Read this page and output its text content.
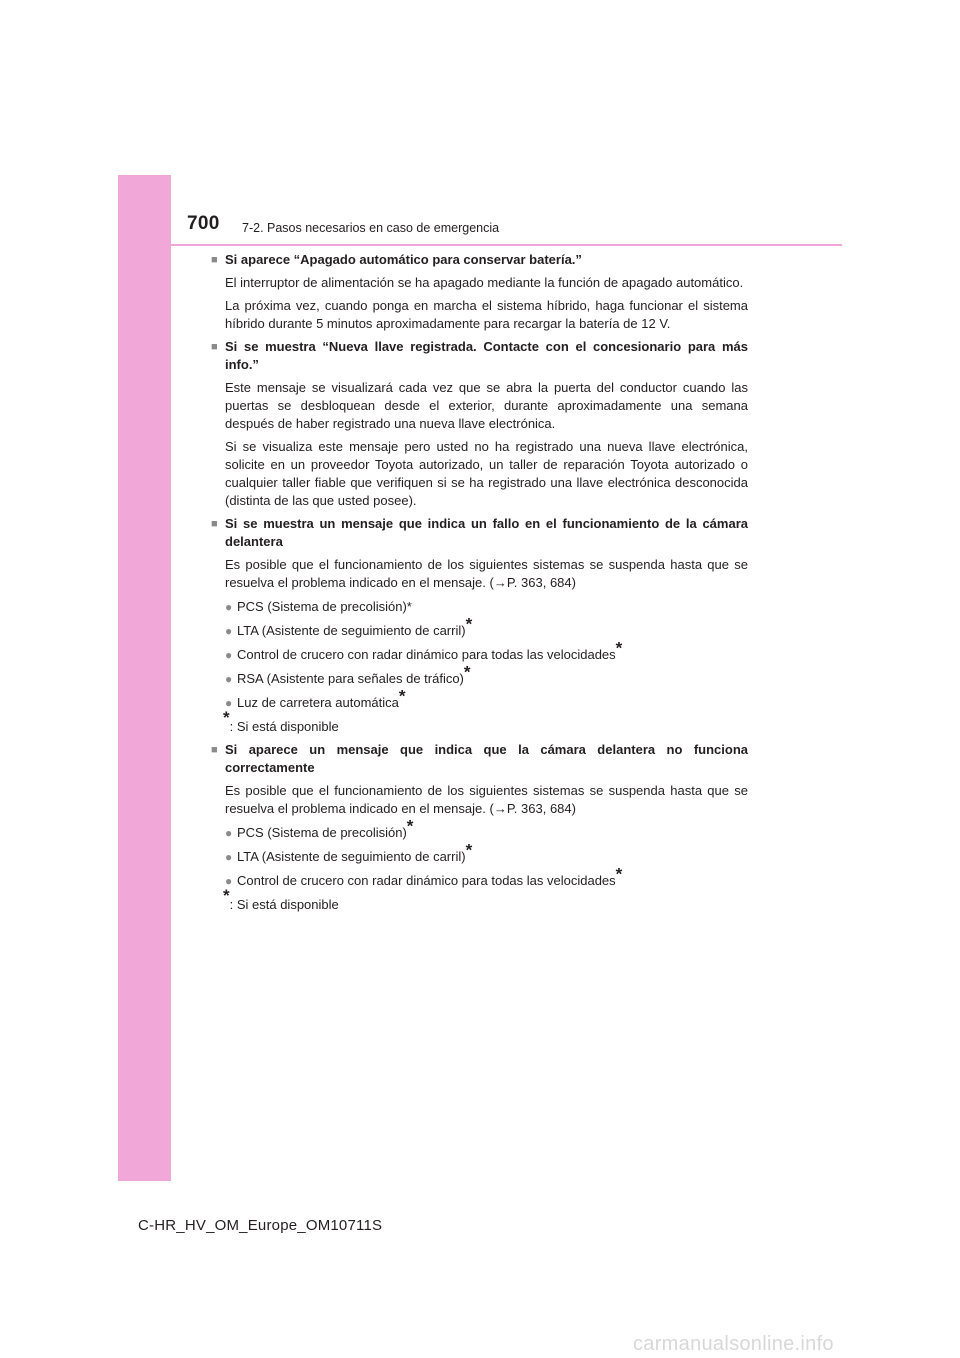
700 7-2. Pasos necesarios en caso de emergencia
■ Si aparece “Apagado automático para conservar batería.”
El interruptor de alimentación se ha apagado mediante la función de apagado automático.
La próxima vez, cuando ponga en marcha el sistema híbrido, haga funcionar el sistema híbrido durante 5 minutos aproximadamente para recargar la batería de 12 V.
■ Si se muestra “Nueva llave registrada. Contacte con el concesionario para más info.”
Este mensaje se visualizará cada vez que se abra la puerta del conductor cuando las puertas se desbloquean desde el exterior, durante aproximadamente una semana después de haber registrado una nueva llave electrónica.
Si se visualiza este mensaje pero usted no ha registrado una nueva llave electrónica, solicite en un proveedor Toyota autorizado, un taller de reparación Toyota autorizado o cualquier taller fiable que verifiquen si se ha registrado una llave electrónica desconocida (distinta de las que usted posee).
■ Si se muestra un mensaje que indica un fallo en el funcionamiento de la cámara delantera
Es posible que el funcionamiento de los siguientes sistemas se suspenda hasta que se resuelva el problema indicado en el mensaje. (→P. 363, 684)
● PCS (Sistema de precolisión)*
● LTA (Asistente de seguimiento de carril)*
● Control de crucero con radar dinámico para todas las velocidades*
● RSA (Asistente para señales de tráfico)*
● Luz de carretera automática*
* : Si está disponible
■ Si aparece un mensaje que indica que la cámara delantera no funciona correctamente
Es posible que el funcionamiento de los siguientes sistemas se suspenda hasta que se resuelva el problema indicado en el mensaje. (→P. 363, 684)
● PCS (Sistema de precolisión)*
● LTA (Asistente de seguimiento de carril)*
● Control de crucero con radar dinámico para todas las velocidades*
* : Si está disponible
C-HR_HV_OM_Europe_OM10711S
carmanualsonline.info
